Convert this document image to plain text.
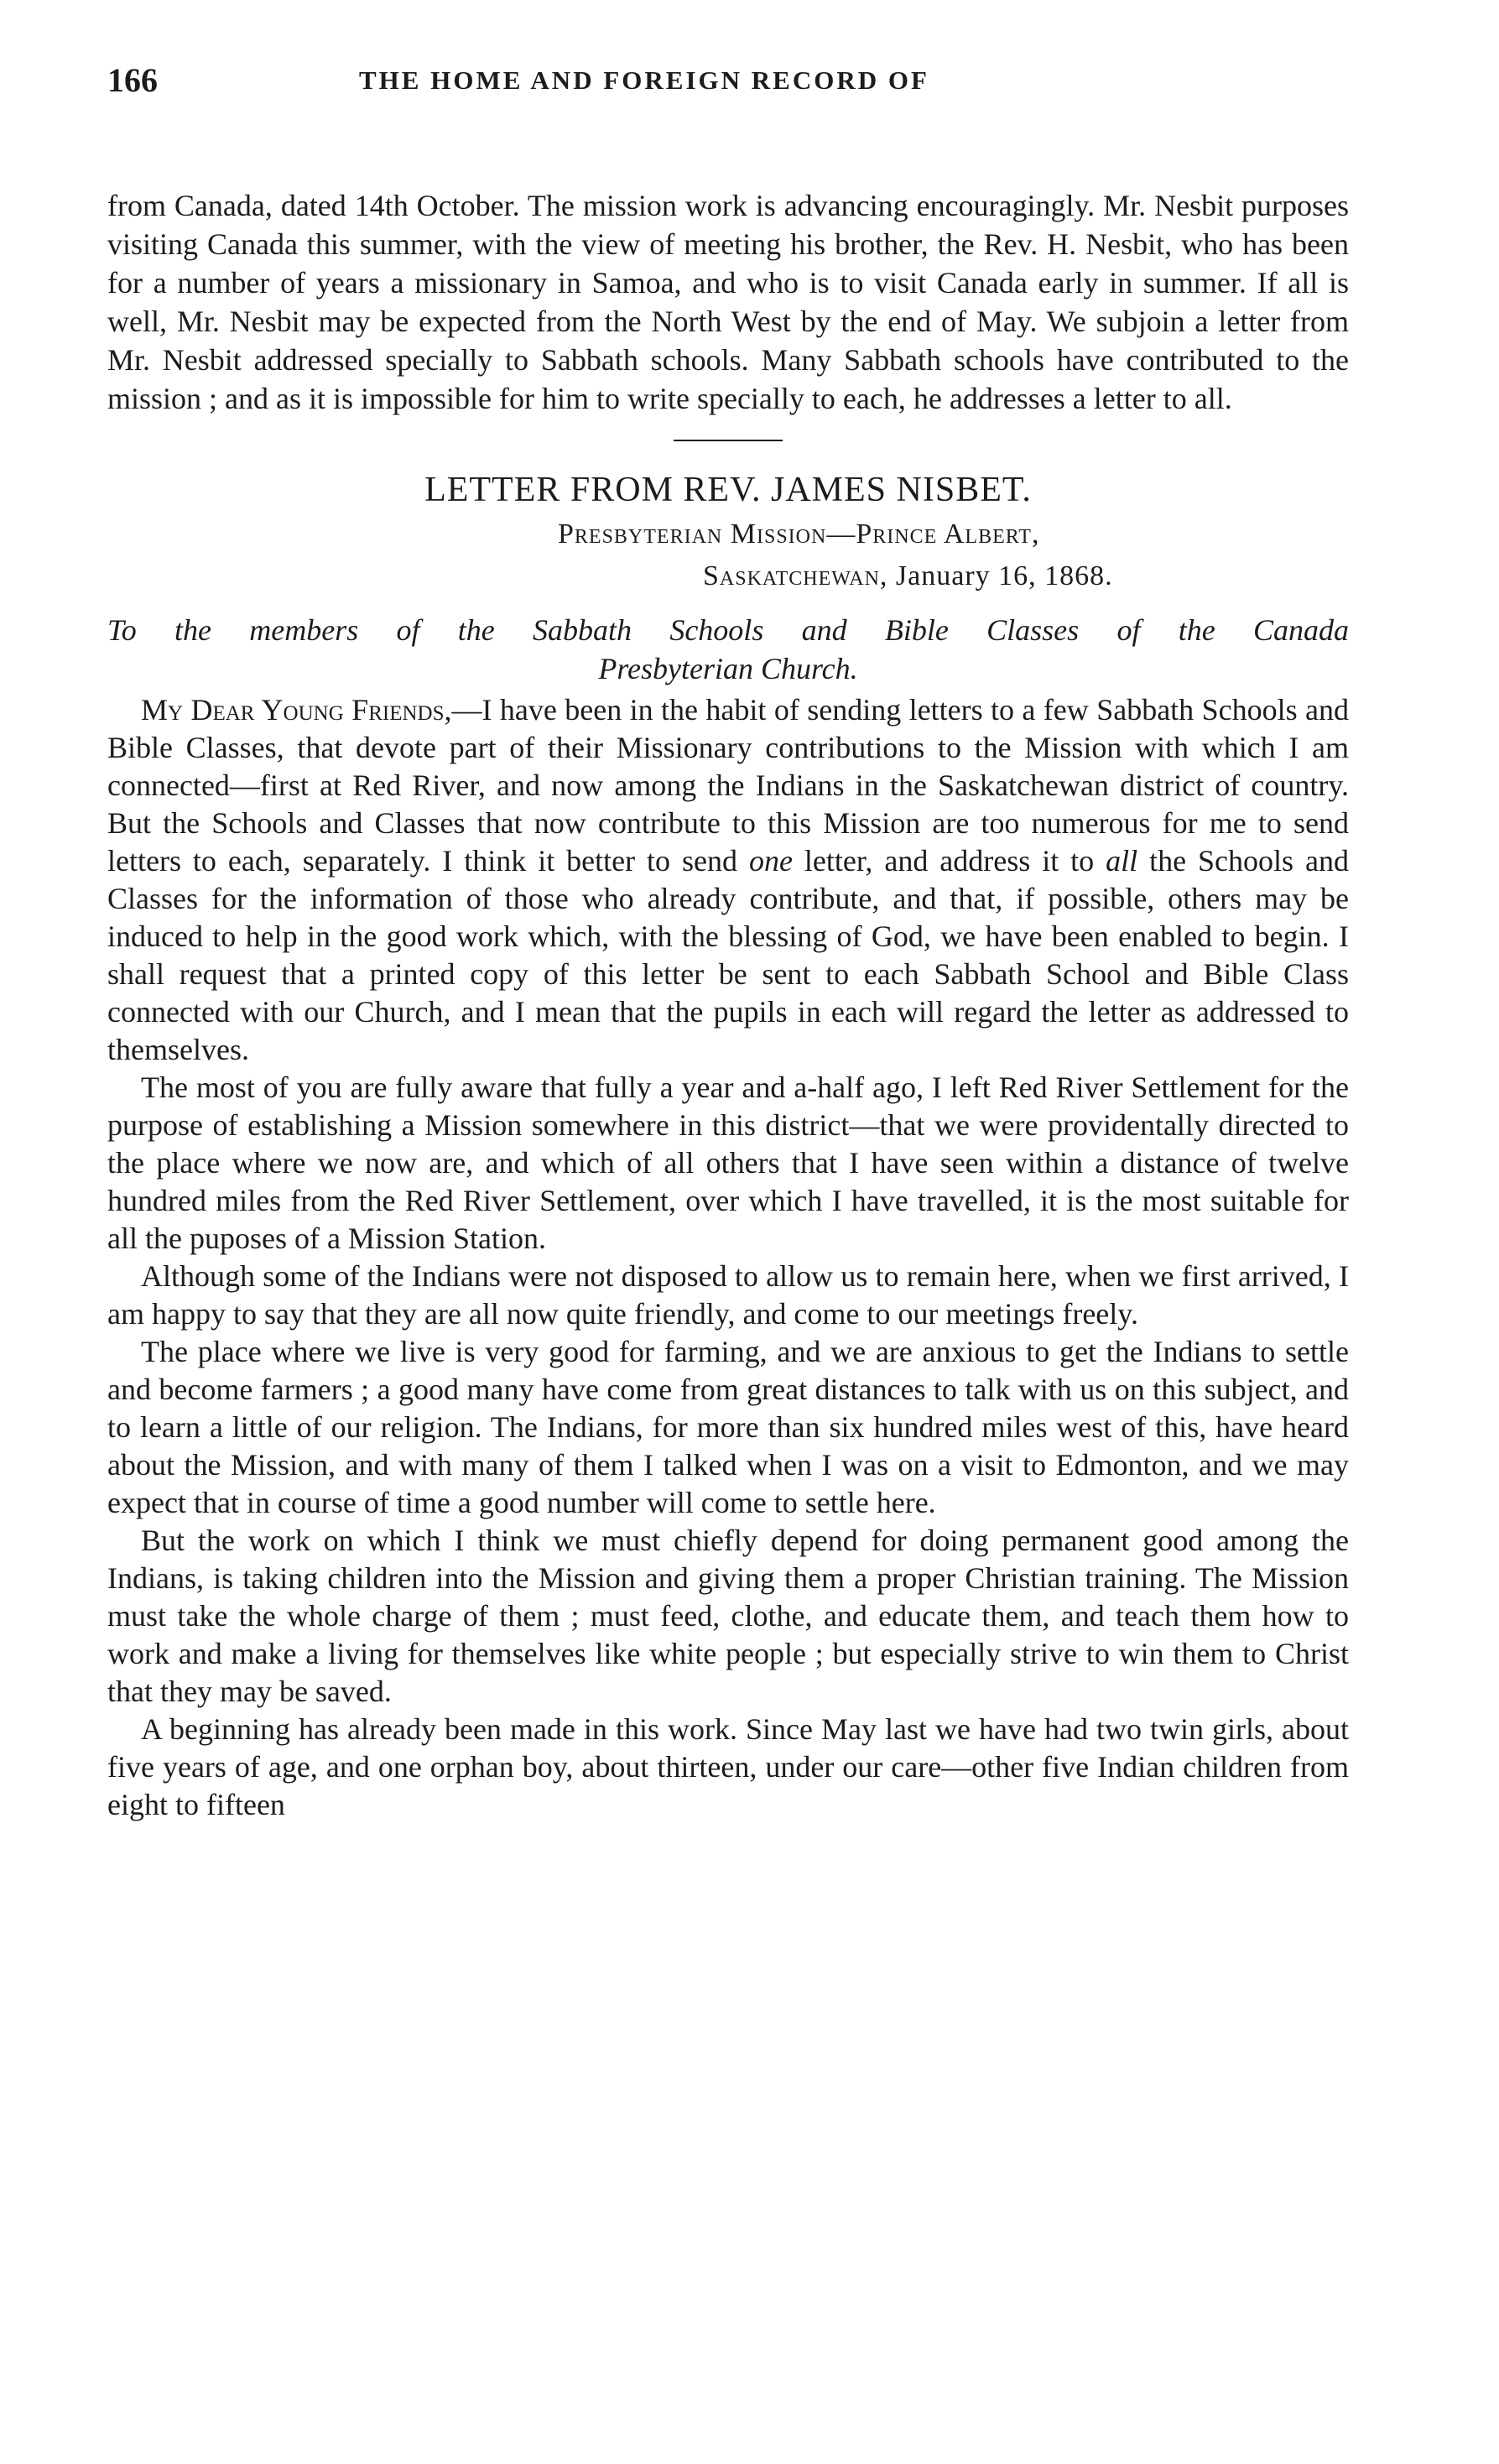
166	THE HOME AND FOREIGN RECORD OF
from Canada, dated 14th October. The mission work is advancing encouragingly. Mr. Nesbit purposes visiting Canada this summer, with the view of meeting his brother, the Rev. H. Nesbit, who has been for a number of years a missionary in Samoa, and who is to visit Canada early in summer. If all is well, Mr. Nesbit may be expected from the North West by the end of May. We subjoin a letter from Mr. Nesbit addressed specially to Sabbath schools. Many Sabbath schools have contributed to the mission ; and as it is impossible for him to write specially to each, he addresses a letter to all.
LETTER FROM REV. JAMES NISBET.
Presbyterian Mission—Prince Albert,
Saskatchewan, January 16, 1868.
To the members of the Sabbath Schools and Bible Classes of the Canada
Presbyterian Church.

My Dear Young Friends,—I have been in the habit of sending letters to a few Sabbath Schools and Bible Classes, that devote part of their Missionary contributions to the Mission with which I am connected—first at Red River, and now among the Indians in the Saskatchewan district of country. But the Schools and Classes that now contribute to this Mission are too numerous for me to send letters to each, separately. I think it better to send one letter, and address it to all the Schools and Classes for the information of those who already contribute, and that, if possible, others may be induced to help in the good work which, with the blessing of God, we have been enabled to begin. I shall request that a printed copy of this letter be sent to each Sabbath School and Bible Class connected with our Church, and I mean that the pupils in each will regard the letter as addressed to themselves.

The most of you are fully aware that fully a year and a-half ago, I left Red River Settlement for the purpose of establishing a Mission somewhere in this district—that we were providentally directed to the place where we now are, and which of all others that I have seen within a distance of twelve hundred miles from the Red River Settlement, over which I have travelled, it is the most suitable for all the puposes of a Mission Station.

Although some of the Indians were not disposed to allow us to remain here, when we first arrived, I am happy to say that they are all now quite friendly, and come to our meetings freely.

The place where we live is very good for farming, and we are anxious to get the Indians to settle and become farmers ; a good many have come from great distances to talk with us on this subject, and to learn a little of our religion. The Indians, for more than six hundred miles west of this, have heard about the Mission, and with many of them I talked when I was on a visit to Edmonton, and we may expect that in course of time a good number will come to settle here.

But the work on which I think we must chiefly depend for doing permanent good among the Indians, is taking children into the Mission and giving them a proper Christian training. The Mission must take the whole charge of them ; must feed, clothe, and educate them, and teach them how to work and make a living for themselves like white people ; but especially strive to win them to Christ that they may be saved.

A beginning has already been made in this work. Since May last we have had two twin girls, about five years of age, and one orphan boy, about thirteen, under our care—other five Indian children from eight to fifteen
